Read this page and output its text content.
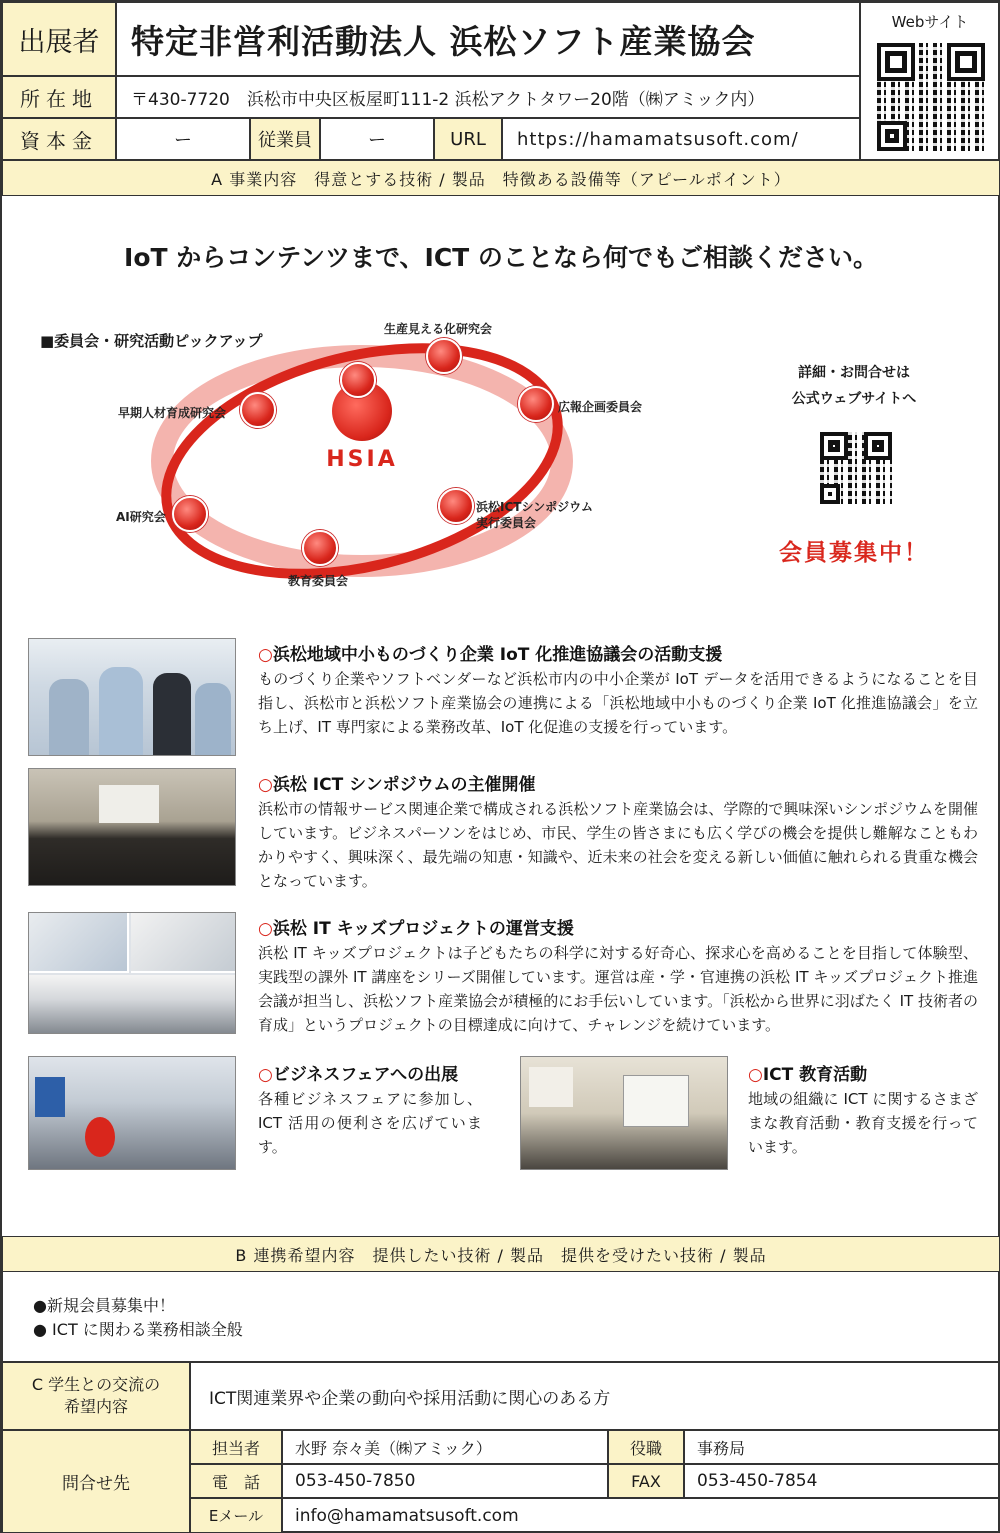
出展者 特定非営利活動法人 浜松ソフト産業協会	Webサイト
所在地 〒430-7720　浜松市中央区板屋町111-2 浜松アクトタワー20階（㈱アミック内）
資本金	ー	従業員	ー	URL https://hamamatsusoft.com/
A 事業内容　得意とする技術 / 製品　特徴ある設備等（アピールポイント）
IoT からコンテンツまで、ICT のことなら何でもご相談ください。
■委員会・研究活動ピックアップ
HSIA
生産見える化研究会
広報企画委員会
浜松ICTシンポジウム
実行委員会
教育委員会
AI研究会
早期人材育成研究会
詳細・お問合せは
公式ウェブサイトへ
会員募集中！
○浜松地域中小ものづくり企業 IoT 化推進協議会の活動支援
ものづくり企業やソフトベンダーなど浜松市内の中小企業が IoT データを活用できるようになることを目指し、浜松市と浜松ソフト産業協会の連携による「浜松地域中小ものづくり企業 IoT 化推進協議会」を立ち上げ、IT 専門家による業務改革、IoT 化促進の支援を行っています。
○浜松 ICT シンポジウムの主催開催
浜松市の情報サービス関連企業で構成される浜松ソフト産業協会は、学際的で興味深いシンポジウムを開催しています。ビジネスパーソンをはじめ、市民、学生の皆さまにも広く学びの機会を提供し難解なこともわかりやすく、興味深く、最先端の知恵・知識や、近未来の社会を変える新しい価値に触れられる貴重な機会となっています。
○浜松 IT キッズプロジェクトの運営支援
浜松 IT キッズプロジェクトは子どもたちの科学に対する好奇心、探求心を高めることを目指して体験型、実践型の課外 IT 講座をシリーズ開催しています。運営は産・学・官連携の浜松 IT キッズプロジェクト推進会議が担当し、浜松ソフト産業協会が積極的にお手伝いしています。「浜松から世界に羽ばたく IT 技術者の育成」というプロジェクトの目標達成に向けて、チャレンジを続けています。
○ビジネスフェアへの出展
各種ビジネスフェアに参加し、ICT 活用の便利さを広げています。
○ICT 教育活動
地域の組織に ICT に関するさまざまな教育活動・教育支援を行っています。
B 連携希望内容　提供したい技術 / 製品　提供を受けたい技術 / 製品
●新規会員募集中！
● ICT に関わる業務相談全般
C 学生との交流の
希望内容	ICT関連業界や企業の動向や採用活動に関心のある方
問合せ先
担当者 水野 奈々美（㈱アミック）	役職 事務局
電　話 053-450-7850	FAX 053-450-7854
Eメール info@hamamatsusoft.com
